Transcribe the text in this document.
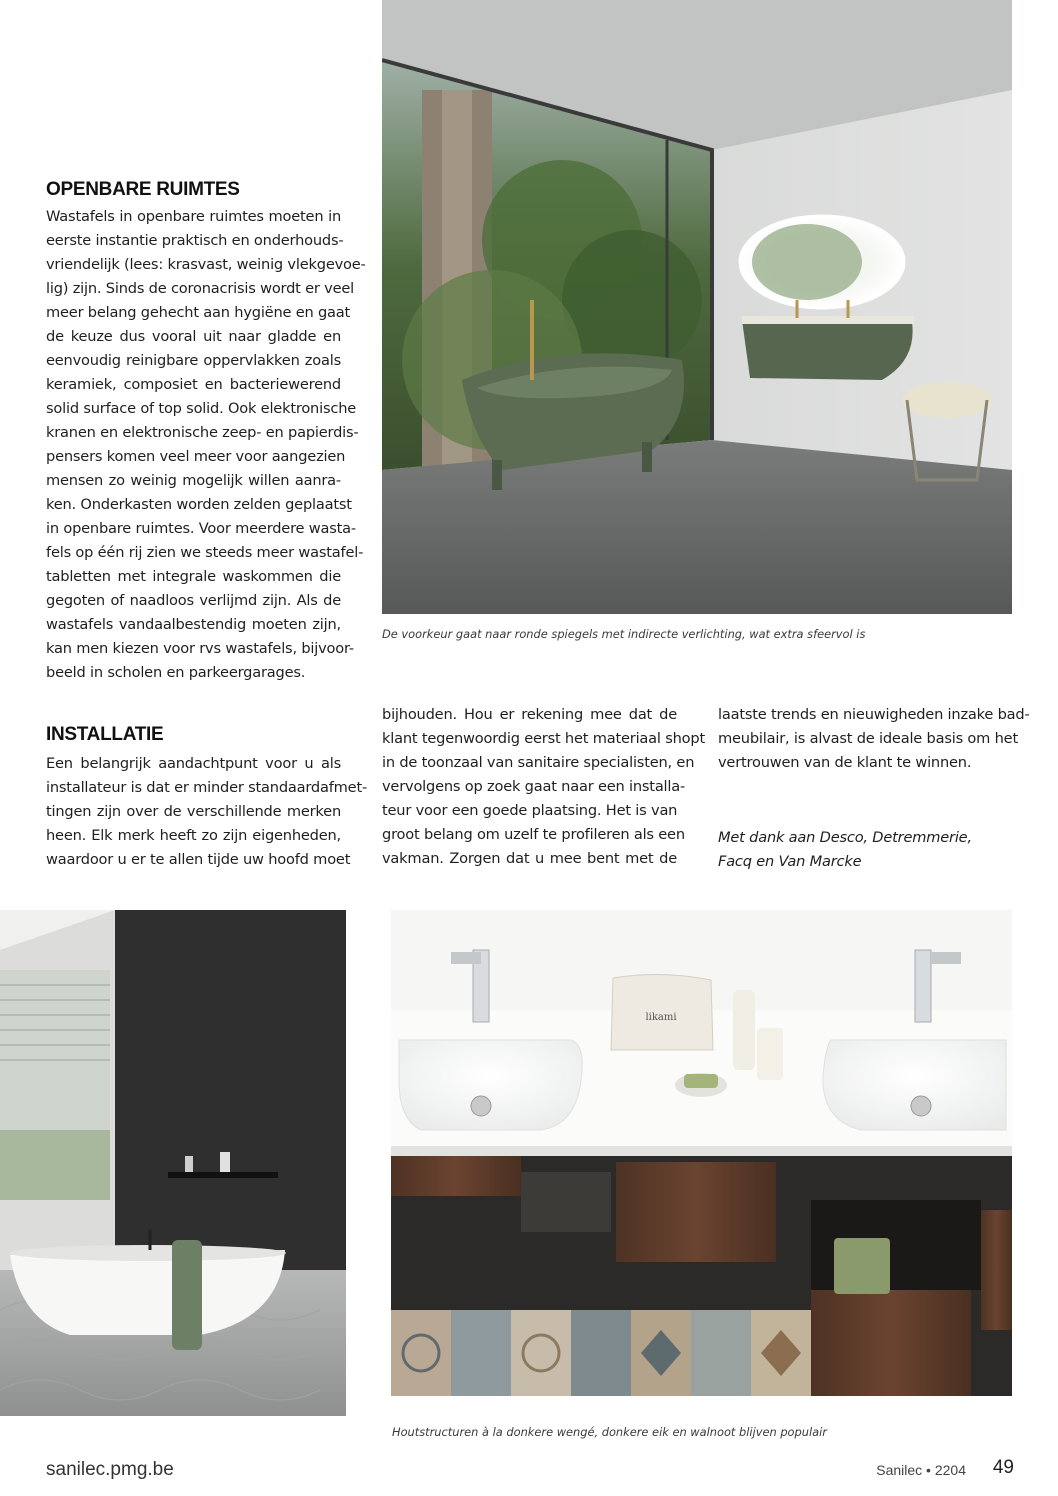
OPENBARE RUIMTES
Wastafels in openbare ruimtes moeten in
eerste instantie praktisch en onderhouds-
vriendelijk (lees: krasvast, weinig vlekgevoe-
lig) zijn. Sinds de coronacrisis wordt er veel
meer belang gehecht aan hygiëne en gaat
de keuze dus vooral uit naar gladde en
eenvoudig reinigbare oppervlakken zoals
keramiek, composiet en bacteriewerend
solid surface of top solid. Ook elektronische
kranen en elektronische zeep- en papierdis-
pensers komen veel meer voor aangezien
mensen zo weinig mogelijk willen aanra-
ken. Onderkasten worden zelden geplaatst
in openbare ruimtes. Voor meerdere wasta-
fels op één rij zien we steeds meer wastafel-
tabletten met integrale waskommen die
gegoten of naadloos verlijmd zijn. Als de
wastafels vandaalbestendig moeten zijn,
kan men kiezen voor rvs wastafels, bijvoor-
beeld in scholen en parkeergarages.
INSTALLATIE
Een belangrijk aandachtpunt voor u als
installateur is dat er minder standaardafmet-
tingen zijn over de verschillende merken
heen. Elk merk heeft zo zijn eigenheden,
waardoor u er te allen tijde uw hoofd moet
bijhouden. Hou er rekening mee dat de
klant tegenwoordig eerst het materiaal shopt
in de toonzaal van sanitaire specialisten, en
vervolgens op zoek gaat naar een installa-
teur voor een goede plaatsing. Het is van
groot belang om uzelf te profileren als een
vakman. Zorgen dat u mee bent met de
laatste trends en nieuwigheden inzake bad-
meubilair, is alvast de ideale basis om het
vertrouwen van de klant te winnen.
Met dank aan Desco, Detremmerie,
Facq en Van Marcke
De voorkeur gaat naar ronde spiegels met indirecte verlichting, wat extra sfeervol is
likami
Houtstructuren à la donkere wengé, donkere eik en walnoot blijven populair
sanilec.pmg.be	Sanilec • 2204 49
